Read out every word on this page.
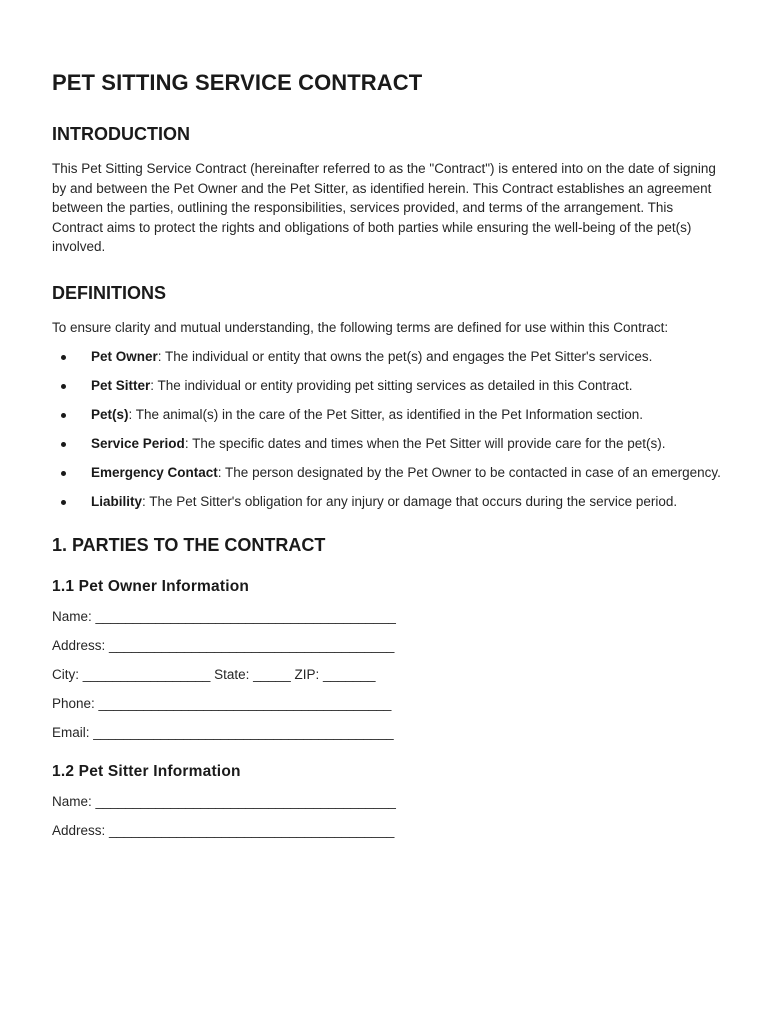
PET SITTING SERVICE CONTRACT
INTRODUCTION

This Pet Sitting Service Contract (hereinafter referred to as the "Contract") is entered into on the date of signing by and between the Pet Owner and the Pet Sitter, as identified herein. This Contract establishes an agreement between the parties, outlining the responsibilities, services provided, and terms of the arrangement. This Contract aims to protect the rights and obligations of both parties while ensuring the well-being of the pet(s) involved.

DEFINITIONS

To ensure clarity and mutual understanding, the following terms are defined for use within this Contract:

Pet Owner: The individual or entity that owns the pet(s) and engages the Pet Sitter's services.
Pet Sitter: The individual or entity providing pet sitting services as detailed in this Contract.
Pet(s): The animal(s) in the care of the Pet Sitter, as identified in the Pet Information section.
Service Period: The specific dates and times when the Pet Sitter will provide care for the pet(s).
Emergency Contact: The person designated by the Pet Owner to be contacted in case of an emergency.
Liability: The Pet Sitter's obligation for any injury or damage that occurs during the service period.
1. PARTIES TO THE CONTRACT
1.1 Pet Owner Information

Name: ________________________________________

Address: ______________________________________

City: _________________ State: _____ ZIP: _______

Phone: _______________________________________

Email: ________________________________________

1.2 Pet Sitter Information

Name: ________________________________________

Address: ______________________________________
